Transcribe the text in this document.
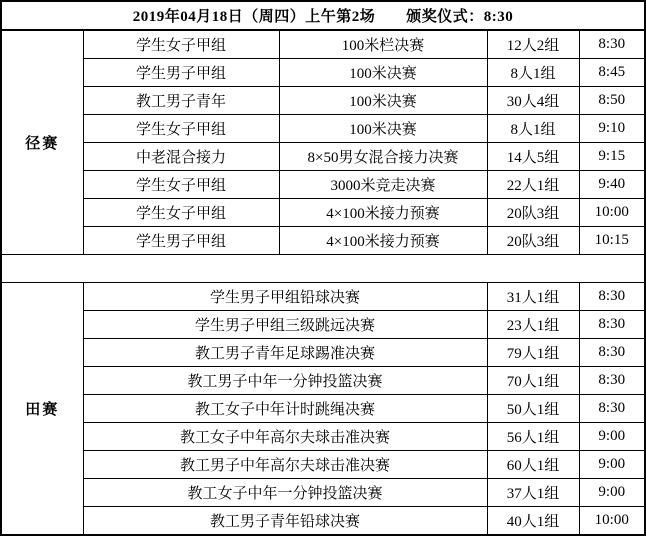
2019年04月18日（周四）上午第2场　　颁奖仪式：8:30				
径赛	学生女子甲组	100米栏决赛	12人2组	8:30
	学生男子甲组	100米决赛	8人1组	8:45
	教工男子青年	100米决赛	30人4组	8:50
	学生女子甲组	100米决赛	8人1组	9:10
	中老混合接力	8×50男女混合接力决赛	14人5组	9:15
	学生女子甲组	3000米竞走决赛	22人1组	9:40
	学生女子甲组	4×100米接力预赛	20队3组	10:00
	学生男子甲组	4×100米接力预赛	20队3组	10:15

田赛	学生男子甲组铅球决赛		31人1组	8:30
	学生男子甲组三级跳远决赛		23人1组	8:30
	教工男子青年足球踢准决赛		79人1组	8:30
	教工男子中年一分钟投篮决赛		70人1组	8:30
	教工女子中年计时跳绳决赛		50人1组	8:30
	教工女子中年高尔夫球击准决赛		56人1组	9:00
	教工男子中年高尔夫球击准决赛		60人1组	9:00
	教工女子中年一分钟投篮决赛		37人1组	9:00
	教工男子青年铅球决赛		40人1组	10:00
